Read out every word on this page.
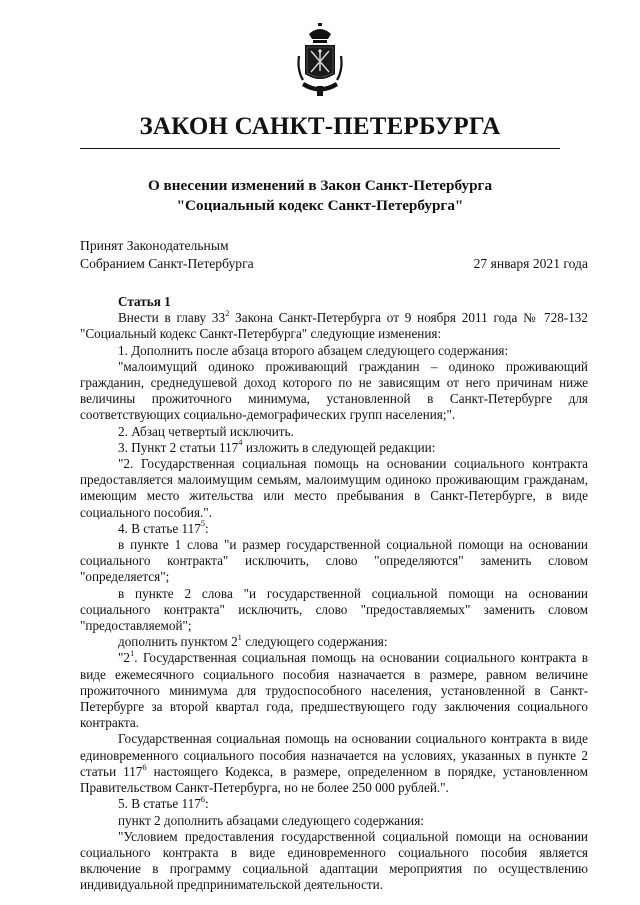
ЗАКОН САНКТ-ПЕТЕРБУРГА
О внесении изменений в Закон Санкт-Петербурга
"Социальный кодекс Санкт-Петербурга"
Принят Законодательным
Собранием Санкт-Петербурга	27 января 2021 года

Статья 1

Внести в главу $33^2$ Закона Санкт-Петербурга от 9 ноября 2011 года № 728-132 "Социальный кодекс Санкт-Петербурга" следующие изменения:

1. Дополнить после абзаца второго абзацем следующего содержания:

"малоимущий одиноко проживающий гражданин – одиноко проживающий гражданин, среднедушевой доход которого по не зависящим от него причинам ниже величины прожиточного минимума, установленной в Санкт-Петербурге для соответствующих социально-демографических групп населения;".

2. Абзац четвертый исключить.

3. Пункт 2 статьи $117^4$ изложить в следующей редакции:

"2. Государственная социальная помощь на основании социального контракта предоставляется малоимущим семьям, малоимущим одиноко проживающим гражданам, имеющим место жительства или место пребывания в Санкт-Петербурге, в виде социального пособия.".

4. В статье $117^5$:

в пункте 1 слова "и размер государственной социальной помощи на основании социального контракта" исключить, слово "определяются" заменить словом "определяется";

в пункте 2 слова "и государственной социальной помощи на основании социального контракта" исключить, слово "предоставляемых" заменить словом "предоставляемой";

дополнить пунктом $2^1$ следующего содержания:

"$2^1$. Государственная социальная помощь на основании социального контракта в виде ежемесячного социального пособия назначается в размере, равном величине прожиточного минимума для трудоспособного населения, установленной в Санкт-Петербурге за второй квартал года, предшествующего году заключения социального контракта.

Государственная социальная помощь на основании социального контракта в виде единовременного социального пособия назначается на условиях, указанных в пункте 2 статьи $117^6$ настоящего Кодекса, в размере, определенном в порядке, установленном Правительством Санкт-Петербурга, но не более 250 000 рублей.".

5. В статье $117^6$:

пункт 2 дополнить абзацами следующего содержания:

"Условием предоставления государственной социальной помощи на основании социального контракта в виде единовременного социального пособия является включение в программу социальной адаптации мероприятия по осуществлению индивидуальной предпринимательской деятельности.
